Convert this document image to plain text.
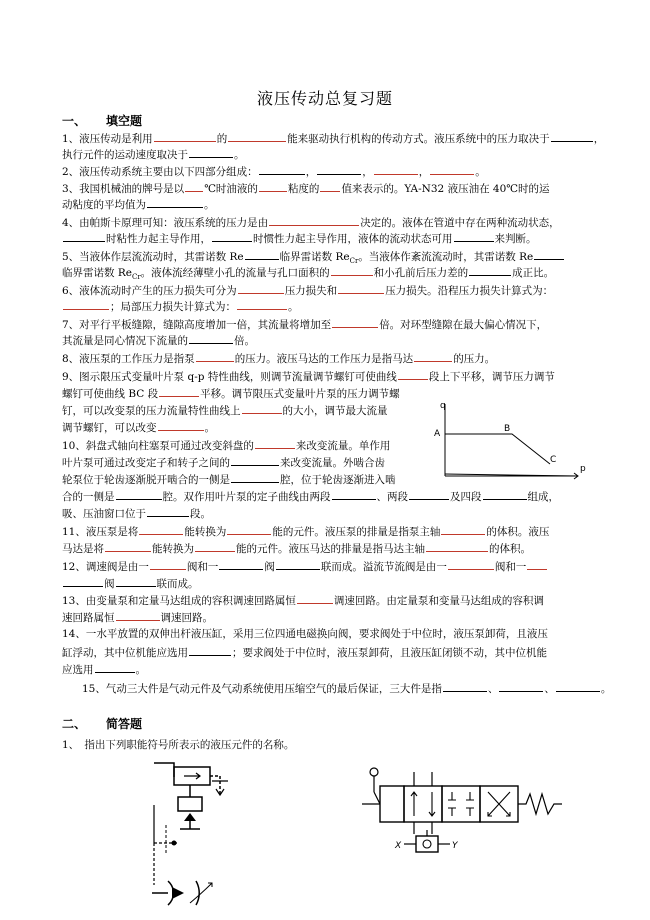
液压传动总复习题
一、 填空题
1、液压传动是利用	的	能来驱动执行机构的传动方式。液压系统中的压力取决于	，
执行元件的运动速度取决于	。
2、液压传动系统主要由以下四部分组成：	，	，	，	。
3、我国机械油的牌号是以 ℃时油液的	粘度的 值来表示的。YA-N32 液压油在 40℃时的运
动粘度的平均值为	。
4、由帕斯卡原理可知：液压系统的压力是由	决定的。液体在管道中存在两种流动状态，
时粘性力起主导作用，	时惯性力起主导作用，液体的流动状态可用	来判断。
5、当液体作层流流动时，其雷诺数 Re	临界雷诺数 $Re_{Cr}$。当液体作紊流流动时，其雷诺数 Re
临界雷诺数 $Re_{Cr}$。液体流经薄壁小孔的流量与孔口面积的	和小孔前后压力差的	成正比。
6、液体流动时产生的压力损失可分为	压力损失和	压力损失。沿程压力损失计算式为：
；局部压力损失计算式为：	。
7、对平行平板缝隙，缝隙高度增加一倍，其流量将增加至	倍。对环型缝隙在最大偏心情况下，
其流量是同心情况下流量的	倍。
8、液压泵的工作压力是指泵	的压力。液压马达的工作压力是指马达	的压力。
9、图示限压式变量叶片泵 q-p 特性曲线，则调节流量调节螺钉可使曲线	段上下平移，调节压力调节
螺钉可使曲线 BC 段	平移。调节限压式变量叶片泵的压力调节螺
钉，可以改变泵的压力流量特性曲线上	的大小，调节最大流量
调节螺钉，可以改变	。
10、斜盘式轴向柱塞泵可通过改变斜盘的	来改变流量。单作用
叶片泵可通过改变定子和转子之间的	来改变流量。外啮合齿
轮泵位于轮齿逐渐脱开啮合的一侧是	腔，位于轮齿逐渐进入啮
合的一侧是	腔。双作用叶片泵的定子曲线由两段	、两段	及四段	组成，
吸、压油窗口位于	段。
11、液压泵是将	能转换为	能的元件。液压泵的排量是指泵主轴	的体积。液压
马达是将	能转换为	能的元件。液压马达的排量是指马达主轴	的体积。
12、调速阀是由一	阀和一	阀	联而成。溢流节流阀是由一	阀和一
阀	联而成。
13、由变量泵和定量马达组成的容积调速回路属恒	调速回路。由定量泵和变量马达组成的容积调
速回路属恒	调速回路。
14、一水平放置的双伸出杆液压缸，采用三位四通电磁换向阀，要求阀处于中位时，液压泵卸荷，且液压
缸浮动，其中位机能应选用	；要求阀处于中位时，液压泵卸荷，且液压缸闭锁不动，其中位机能
应选用	。
15、气动三大件是气动元件及气动系统使用压缩空气的最后保证，三大件是指	、	、	。
二、 简答题
1、　指出下列职能符号所表示的液压元件的名称。
q
p
A	B
C
X	Y
